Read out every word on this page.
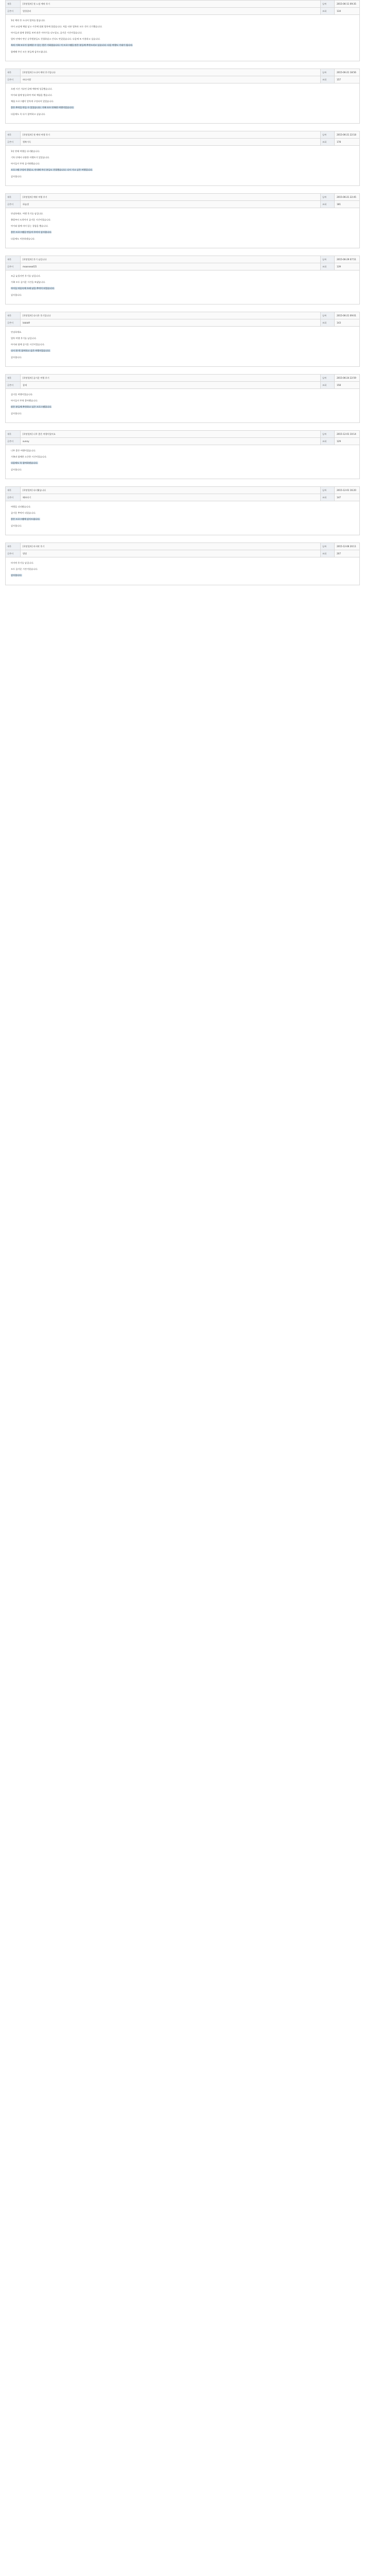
제목	[희망열차] 첫 느낌 예약 후기	날짜	2015-06-11 09:35
글쓴이	열혈찰리	조회	134
1년 예약 후 드디어 열차를 탔습니다.
마이 교실에 체험 넣고 시간에 맞춰 열차에 올랐습니다. 처음 타본 열차라 모든 것이 신기했습니다.
아이들과 함께 창밖을 보며 많은 이야기를 나누었고, 즐거운 시간이었습니다.
열차 안에서 만난 승무원분들도 친절하셨고 간식도 맛있었습니다. 다음에 또 이용하고 싶습니다.
특히 가족 모두가 함께할 수 있는 좋은 기회였습니다. 이 프로그램을 많은 분들께 추천드리고 싶습니다. 다음 여행도 기대가 됩니다.
함께해 주신 모든 분들께 감사드립니다.
제목	[희망열차] 드디어 예약 후기입니다	날짜	2015-06-21 18:56
글쓴이	바다사랑	조회	157
오랜 시간 기다린 끝에 예약에 성공했습니다.
아이와 함께 탑승하여 여러 체험을 했습니다.
체험 프로그램이 알차게 구성되어 있었습니다.
좋은 추억을 만들 수 있었습니다. 가족 모두 만족한 여행이었습니다.
다음에도 꼭 다시 참여하고 싶습니다.
제목	[희망열차] 첫 예약 여행 후기	날짜	2015-06-21 22:18
글쓴이	행복가득	조회	178
1년 만에 여행을 다녀왔습니다.
기차 안에서 다양한 이벤트가 있었습니다.
아이들이 무척 즐거워했습니다.
프로그램 구성이 좋았고, 안내해 주신 분들도 친절했습니다. 다시 가고 싶은 여행입니다.
감사합니다.
제목	[희망열차] 예약 여행 후기	날짜	2015-06-21 22:45
글쓴이	하늘빛	조회	181
안녕하세요. 여행 후기를 남깁니다.
출발부터 도착까지 즐거운 시간이었습니다.
아이와 함께 의미 있는 경험을 했습니다.
좋은 프로그램을 만들어 주셔서 감사합니다.
다음에도 이용하겠습니다.
제목	[희망열차] 후기 남깁니다	날짜	2015-06-29 07:51
글쓴이	moonsea415	조회	139
조금 늦었지만 후기를 남깁니다.
가족 모두 즐거운 시간을 보냈습니다.
아이들 마음속에 오래 남을 추억이 되었습니다.
감사합니다.
제목	[희망열차] 다녀온 후기입니다	날짜	2015-06-21 09:01
글쓴이	lalala9	조회	143
안녕하세요.
열차 여행 후기를 남깁니다.
아이와 함께 즐거운 시간이었습니다.
다시 한 번 참여하고 싶은 여행이었습니다.
감사합니다.
제목	[희망열차] 즐거운 여행 후기	날짜	2015-06-24 22:59
글쓴이	참새	조회	158
즐거운 여행이었습니다.
아이들이 무척 좋아했습니다.
많은 분들께 추천하고 싶은 프로그램입니다.
감사합니다.
제목	[희망열차] 너무 좋은 여행이었어요	날짜	2015-12-01 10:14
글쓴이	sunny	조회	129
너무 좋은 여행이었습니다.
가족과 함께한 소중한 시간이었습니다.
다음에도 꼭 참여하겠습니다.
감사합니다.
제목	[희망열차] 다녀왔습니다	날짜	2015-12-01 16:20
글쓴이	해바라기	조회	147
여행을 다녀왔습니다.
즐거운 추억이 되었습니다.
좋은 프로그램에 감사드립니다.
감사합니다.
제목	[희망열차] 마지막 후기	날짜	2015-12-06 20:11
글쓴이	별빛	조회	207
마지막 후기를 남깁니다.
모두 즐거운 시간이었습니다.
감사합니다.
